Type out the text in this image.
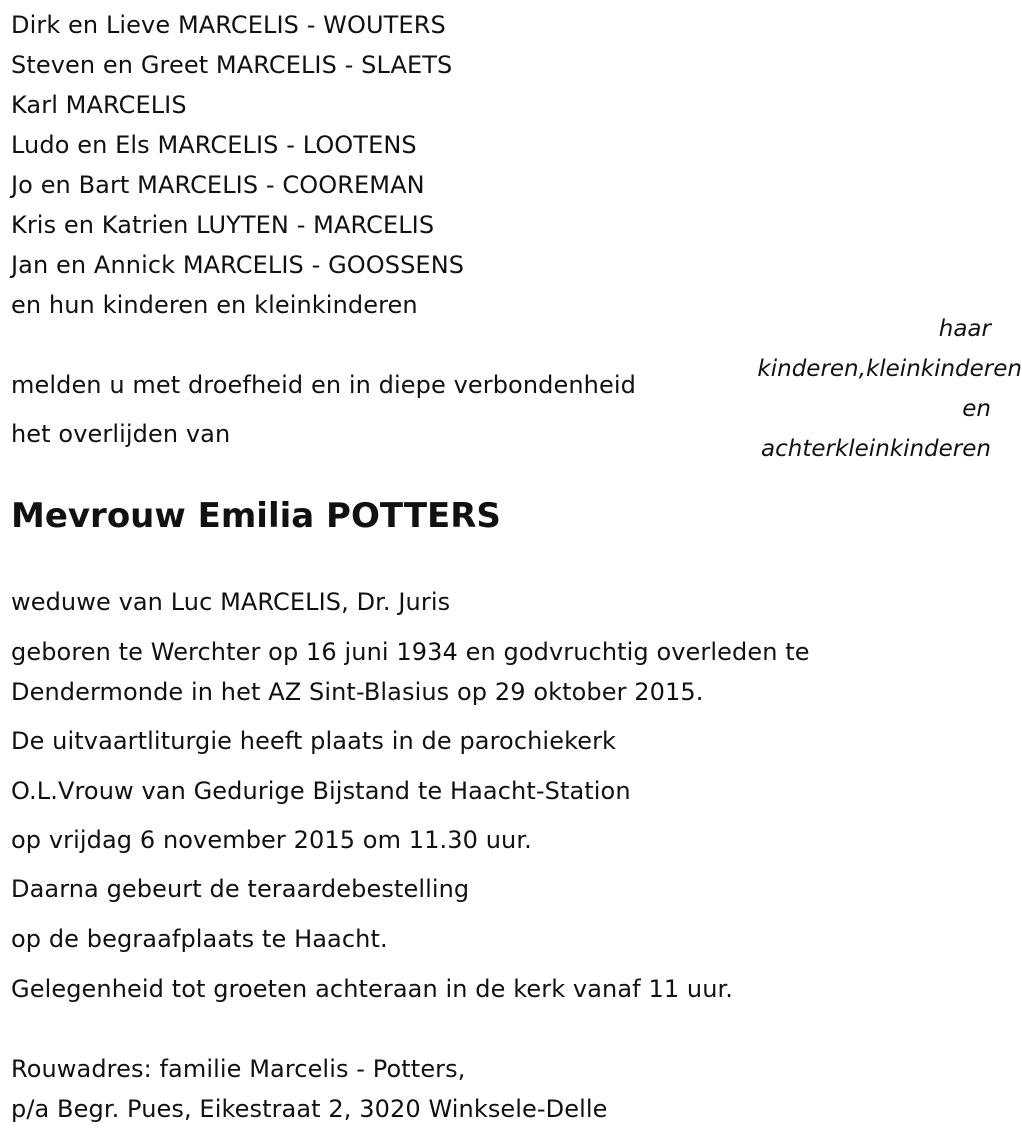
Dirk en Lieve MARCELIS - WOUTERS
Steven en Greet MARCELIS - SLAETS
Karl MARCELIS
Ludo en Els MARCELIS - LOOTENS
Jo en Bart MARCELIS - COOREMAN
Kris en Katrien LUYTEN - MARCELIS
Jan en Annick MARCELIS - GOOSSENS
en hun kinderen en kleinkinderen
melden u met droefheid en in diepe verbondenheid
het overlijden van
haar
kinderen,kleinkinderen
en
achterkleinkinderen
Mevrouw Emilia POTTERS
weduwe van Luc MARCELIS, Dr. Juris
geboren te Werchter op 16 juni 1934 en godvruchtig overleden te
Dendermonde in het AZ Sint-Blasius op 29 oktober 2015.
De uitvaartliturgie heeft plaats in de parochiekerk
O.L.Vrouw van Gedurige Bijstand te Haacht-Station
op vrijdag 6 november 2015 om 11.30 uur.
Daarna gebeurt de teraardebestelling
op de begraafplaats te Haacht.
Gelegenheid tot groeten achteraan in de kerk vanaf 11 uur.
Rouwadres: familie Marcelis - Potters,
p/a Begr. Pues, Eikestraat 2, 3020 Winksele-Delle
